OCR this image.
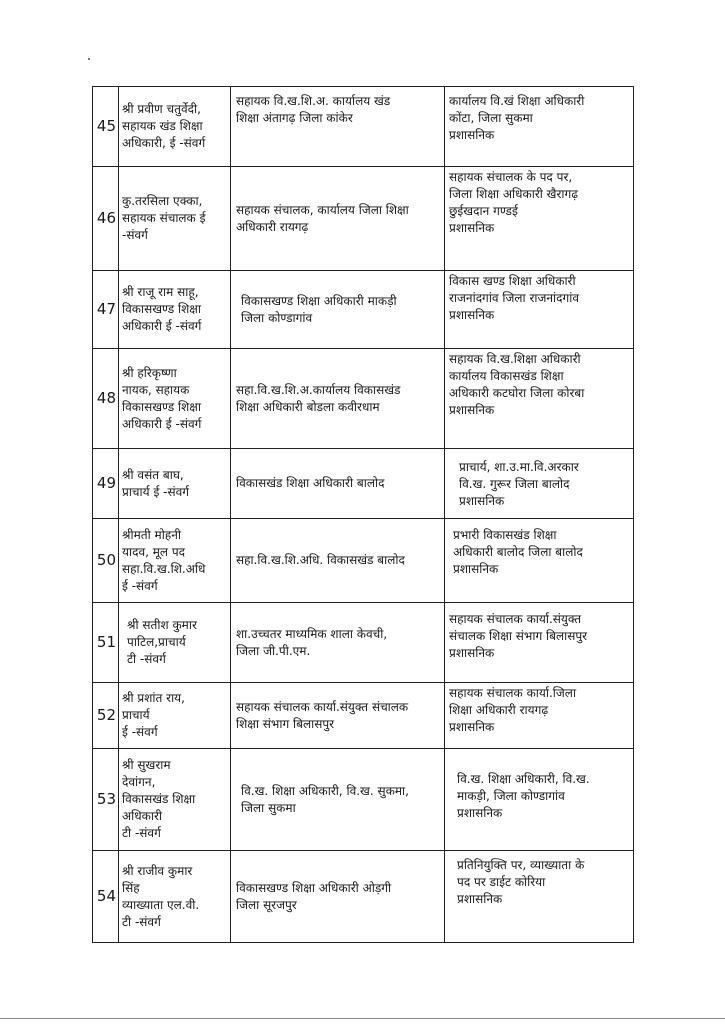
45	श्री प्रवीण चतुर्वेदी,
सहायक खंड शिक्षा
अधिकारी, ई -संवर्ग	सहायक वि.ख.शि.अ. कार्यालय खंड
शिक्षा अंतागढ़ जिला कांकेर	कार्यालय वि.खं शिक्षा अधिकारी
कोंटा, जिला सुकमा
प्रशासनिक

46	कु.तरसिला एक्का,
सहायक संचालक ई
-संवर्ग	सहायक संचालक, कार्यालय जिला शिक्षा
अधिकारी रायगढ़	सहायक संचालक के पद पर,
जिला शिक्षा अधिकारी खैरागढ़
छुईखदान गण्डई
प्रशासनिक

47	श्री राजू राम साहू,
विकासखण्ड शिक्षा
अधिकारी ई -संवर्ग	विकासखण्ड शिक्षा अधिकारी माकड़ी
जिला कोण्डागांव	विकास खण्ड शिक्षा अधिकारी
राजनांदगांव जिला राजनांदगांव
प्रशासनिक

48	श्री हरिकृष्णा
नायक, सहायक
विकासखण्ड शिक्षा
अधिकारी ई -संवर्ग	सहा.वि.ख.शि.अ.कार्यालय विकासखंड
शिक्षा अधिकारी बोडला कवीरधाम	सहायक वि.ख.शिक्षा अधिकारी
कार्यालय विकासखंड शिक्षा
अधिकारी कटघोरा जिला कोरबा
प्रशासनिक

49	श्री वसंत बाघ,
प्राचार्य ई -संवर्ग	विकासखंड शिक्षा अधिकारी बालोद	प्राचार्य, शा.उ.मा.वि.अरकार
वि.ख. गुरूर जिला बालोद
प्रशासनिक

50	श्रीमती मोहनी
यादव, मूल पद
सहा.वि.ख.शि.अधि
ई -संवर्ग	सहा.वि.ख.शि.अधि. विकासखंड बालोद	प्रभारी विकासखंड शिक्षा
अधिकारी बालोद जिला बालोद
प्रशासनिक

51	श्री सतीश कुमार
पाटिल,प्राचार्य
टी -संवर्ग	शा.उच्चतर माध्यमिक शाला केवची,
जिला जी.पी.एम.	सहायक संचालक कार्या.संयुक्त
संचालक शिक्षा संभाग बिलासपुर
प्रशासनिक

52	श्री प्रशांत राय,
प्राचार्य
ई -संवर्ग	सहायक संचालक कार्या.संयुक्त संचालक
शिक्षा संभाग बिलासपुर	सहायक संचालक कार्या.जिला
शिक्षा अधिकारी रायगढ़
प्रशासनिक

53	श्री सुखराम
देवांगन,
विकासखंड शिक्षा
अधिकारी
टी -संवर्ग	वि.ख. शिक्षा अधिकारी, वि.ख. सुकमा,
जिला सुकमा	वि.ख. शिक्षा अधिकारी, वि.ख.
माकड़ी, जिला कोण्डागांव
प्रशासनिक

54	श्री राजीव कुमार
सिंह
व्याख्याता एल.वी.
टी -संवर्ग	विकासखण्ड शिक्षा अधिकारी ओड़गी
जिला सूरजपुर	प्रतिनियुक्ति पर, व्याख्याता के
पद पर डाईट कोरिया
प्रशासनिक
